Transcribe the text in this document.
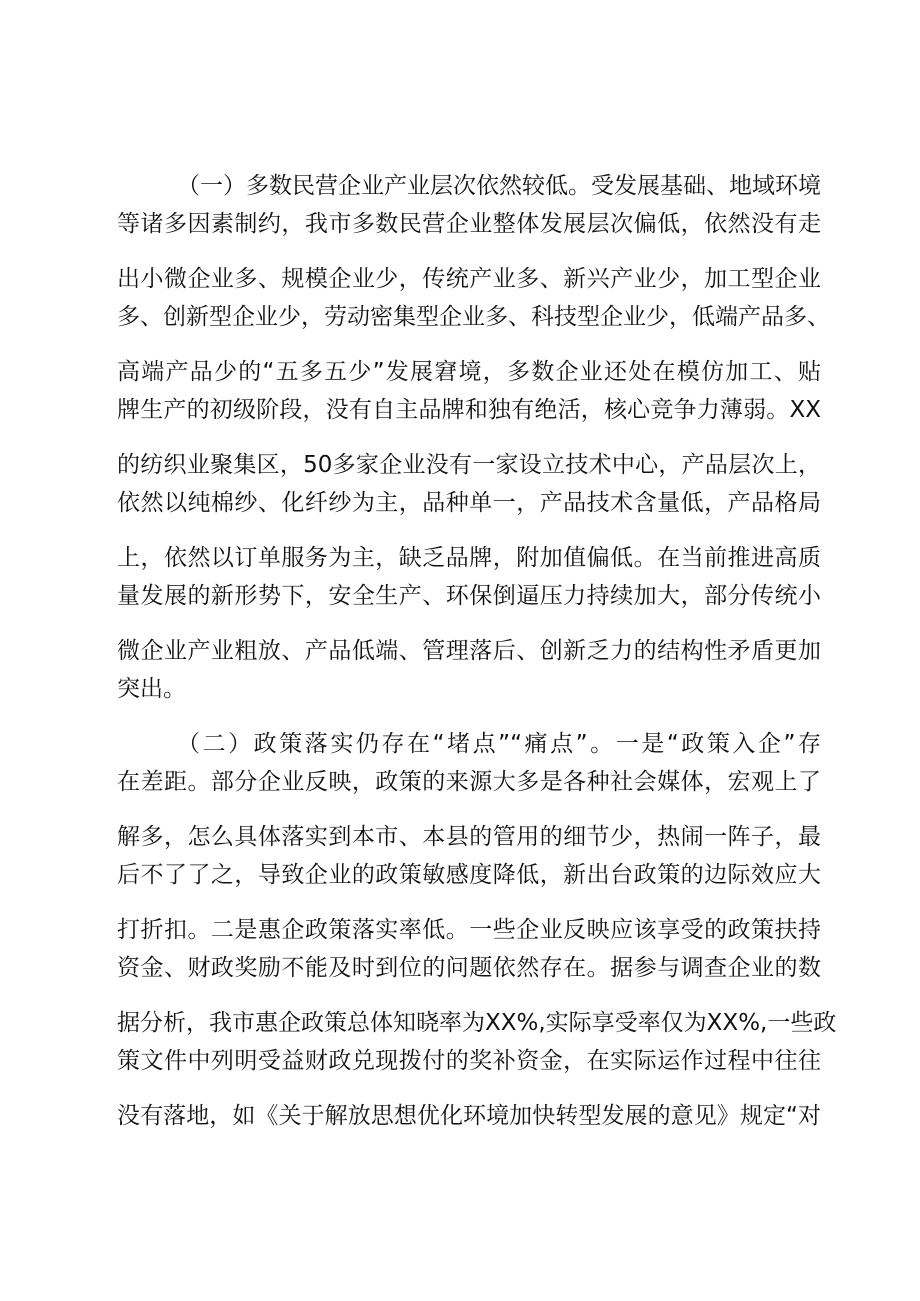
（一）多数民营企业产业层次依然较低。受发展基础、地域环境
等诸多因素制约，我市多数民营企业整体发展层次偏低，依然没有走
出小微企业多、规模企业少，传统产业多、新兴产业少，加工型企业
多、创新型企业少，劳动密集型企业多、科技型企业少，低端产品多、
高端产品少的“五多五少”发展窘境，多数企业还处在模仿加工、贴
牌生产的初级阶段，没有自主品牌和独有绝活，核心竞争力薄弱。XX
的纺织业聚集区，50多家企业没有一家设立技术中心，产品层次上，
依然以纯棉纱、化纤纱为主，品种单一，产品技术含量低，产品格局
上，依然以订单服务为主，缺乏品牌，附加值偏低。在当前推进高质
量发展的新形势下，安全生产、环保倒逼压力持续加大，部分传统小
微企业产业粗放、产品低端、管理落后、创新乏力的结构性矛盾更加
突出。
（二）政策落实仍存在“堵点”“痛点”。一是“政策入企”存
在差距。部分企业反映，政策的来源大多是各种社会媒体，宏观上了
解多，怎么具体落实到本市、本县的管用的细节少，热闹一阵子，最
后不了了之，导致企业的政策敏感度降低，新出台政策的边际效应大
打折扣。二是惠企政策落实率低。一些企业反映应该享受的政策扶持
资金、财政奖励不能及时到位的问题依然存在。据参与调查企业的数
据分析，我市惠企政策总体知晓率为XX%,实际享受率仅为XX%,一些政
策文件中列明受益财政兑现拨付的奖补资金，在实际运作过程中往往
没有落地，如《关于解放思想优化环境加快转型发展的意见》规定“对
